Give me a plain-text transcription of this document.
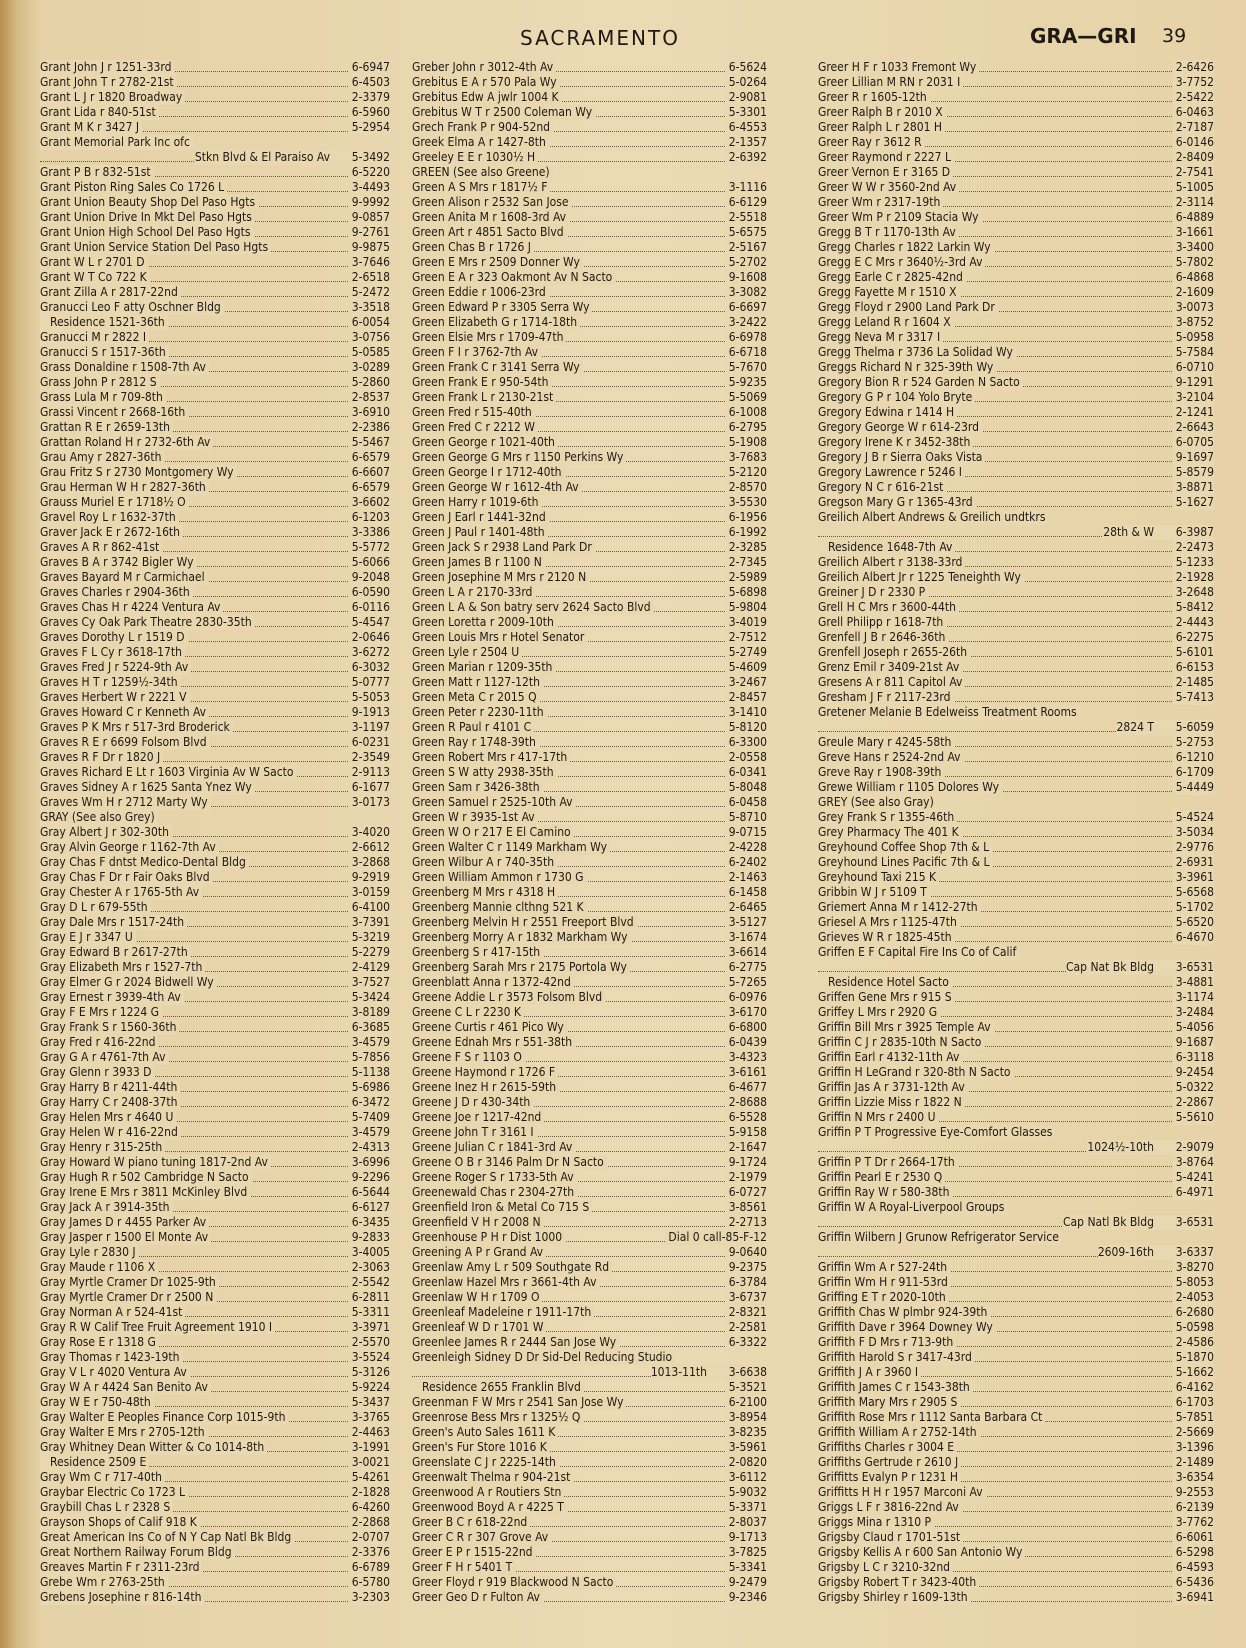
SACRAMENTO	GRA—GRI 39
Grant John J r 1251-33rd	6-6947
Grant John T r 2782-21st	6-4503
Grant L J r 1820 Broadway	2-3379
Grant Lida r 840-51st	6-5960
Grant M K r 3427 J	5-2954
Grant Memorial Park Inc ofc
Stkn Blvd & El Paraiso Av 5-3492
Grant P B r 832-51st	6-5220
Grant Piston Ring Sales Co 1726 L	3-4493
Grant Union Beauty Shop Del Paso Hgts	9-9992
Grant Union Drive In Mkt Del Paso Hgts	9-0857
Grant Union High School Del Paso Hgts	9-2761
Grant Union Service Station Del Paso Hgts	9-9875
Grant W L r 2701 D	3-7646
Grant W T Co 722 K	2-6518
Grant Zilla A r 2817-22nd	5-2472
Granucci Leo F atty Oschner Bldg	3-3518
Residence 1521-36th	6-0054
Granucci M r 2822 I	3-0756
Granucci S r 1517-36th	5-0585
Grass Donaldine r 1508-7th Av	3-0289
Grass John P r 2812 S	5-2860
Grass Lula M r 709-8th	2-8537
Grassi Vincent r 2668-16th	3-6910
Grattan R E r 2659-13th	2-2386
Grattan Roland H r 2732-6th Av	5-5467
Grau Amy r 2827-36th	6-6579
Grau Fritz S r 2730 Montgomery Wy	6-6607
Grau Herman W H r 2827-36th	6-6579
Grauss Muriel E r 1718½ O	3-6602
Gravel Roy L r 1632-37th	6-1203
Graver Jack E r 2672-16th	3-3386
Graves A R r 862-41st	5-5772
Graves B A r 3742 Bigler Wy	5-6066
Graves Bayard M r Carmichael	9-2048
Graves Charles r 2904-36th	6-0590
Graves Chas H r 4224 Ventura Av	6-0116
Graves Cy Oak Park Theatre 2830-35th	5-4547
Graves Dorothy L r 1519 D	2-0646
Graves F L Cy r 3618-17th	3-6272
Graves Fred J r 5224-9th Av	6-3032
Graves H T r 1259½-34th	5-0777
Graves Herbert W r 2221 V	5-5053
Graves Howard C r Kenneth Av	9-1913
Graves P K Mrs r 517-3rd Broderick	3-1197
Graves R E r 6699 Folsom Blvd	6-0231
Graves R F Dr r 1820 J	2-3549
Graves Richard E Lt r 1603 Virginia Av W Sacto	2-9113
Graves Sidney A r 1625 Santa Ynez Wy	6-1677
Graves Wm H r 2712 Marty Wy	3-0173
GRAY (See also Grey)
Gray Albert J r 302-30th	3-4020
Gray Alvin George r 1162-7th Av	2-6612
Gray Chas F dntst Medico-Dental Bldg	3-2868
Gray Chas F Dr r Fair Oaks Blvd	9-2919
Gray Chester A r 1765-5th Av	3-0159
Gray D L r 679-55th	6-4100
Gray Dale Mrs r 1517-24th	3-7391
Gray E J r 3347 U	5-3219
Gray Edward B r 2617-27th	5-2279
Gray Elizabeth Mrs r 1527-7th	2-4129
Gray Elmer G r 2024 Bidwell Wy	3-7527
Gray Ernest r 3939-4th Av	5-3424
Gray F E Mrs r 1224 G	3-8189
Gray Frank S r 1560-36th	6-3685
Gray Fred r 416-22nd	3-4579
Gray G A r 4761-7th Av	5-7856
Gray Glenn r 3933 D	5-1138
Gray Harry B r 4211-44th	5-6986
Gray Harry C r 2408-37th	6-3472
Gray Helen Mrs r 4640 U	5-7409
Gray Helen W r 416-22nd	3-4579
Gray Henry r 315-25th	2-4313
Gray Howard W piano tuning 1817-2nd Av	3-6996
Gray Hugh R r 502 Cambridge N Sacto	9-2296
Gray Irene E Mrs r 3811 McKinley Blvd	6-5644
Gray Jack A r 3914-35th	6-6127
Gray James D r 4455 Parker Av	6-3435
Gray Jasper r 1500 El Monte Av	9-2833
Gray Lyle r 2830 J	3-4005
Gray Maude r 1106 X	2-3063
Gray Myrtle Cramer Dr 1025-9th	2-5542
Gray Myrtle Cramer Dr r 2500 N	6-2811
Gray Norman A r 524-41st	5-3311
Gray R W Calif Tree Fruit Agreement 1910 I	3-3971
Gray Rose E r 1318 G	2-5570
Gray Thomas r 1423-19th	3-5524
Gray V L r 4020 Ventura Av	5-3126
Gray W A r 4424 San Benito Av	5-9224
Gray W E r 750-48th	5-3437
Gray Walter E Peoples Finance Corp 1015-9th	3-3765
Gray Walter E Mrs r 2705-12th	2-4463
Gray Whitney Dean Witter & Co 1014-8th	3-1991
Residence 2509 E	3-0021
Gray Wm C r 717-40th	5-4261
Graybar Electric Co 1723 L	2-1828
Graybill Chas L r 2328 S	6-4260
Grayson Shops of Calif 918 K	2-2868
Great American Ins Co of N Y Cap Natl Bk Bldg	2-0707
Great Northern Railway Forum Bldg	2-3376
Greaves Martin F r 2311-23rd	6-6789
Grebe Wm r 2763-25th	6-5780
Grebens Josephine r 816-14th	3-2303
Greber John r 3012-4th Av	6-5624
Grebitus E A r 570 Pala Wy	5-0264
Grebitus Edw A jwlr 1004 K	2-9081
Grebitus W T r 2500 Coleman Wy	5-3301
Grech Frank P r 904-52nd	6-4553
Greek Elma A r 1427-8th	2-1357
Greeley E E r 1030½ H	2-6392
GREEN (See also Greene)
Green A S Mrs r 1817½ F	3-1116
Green Alison r 2532 San Jose	6-6129
Green Anita M r 1608-3rd Av	2-5518
Green Art r 4851 Sacto Blvd	5-6575
Green Chas B r 1726 J	2-5167
Green E Mrs r 2509 Donner Wy	5-2702
Green E A r 323 Oakmont Av N Sacto	9-1608
Green Eddie r 1006-23rd	3-3082
Green Edward P r 3305 Serra Wy	6-6697
Green Elizabeth G r 1714-18th	3-2422
Green Elsie Mrs r 1709-47th	6-6978
Green F I r 3762-7th Av	6-6718
Green Frank C r 3141 Serra Wy	5-7670
Green Frank E r 950-54th	5-9235
Green Frank L r 2130-21st	5-5069
Green Fred r 515-40th	6-1008
Green Fred C r 2212 W	6-2795
Green George r 1021-40th	5-1908
Green George G Mrs r 1150 Perkins Wy	3-7683
Green George I r 1712-40th	5-2120
Green George W r 1612-4th Av	2-8570
Green Harry r 1019-6th	3-5530
Green J Earl r 1441-32nd	6-1956
Green J Paul r 1401-48th	6-1992
Green Jack S r 2938 Land Park Dr	2-3285
Green James B r 1100 N	2-7345
Green Josephine M Mrs r 2120 N	2-5989
Green L A r 2170-33rd	5-6898
Green L A & Son batry serv 2624 Sacto Blvd	5-9804
Green Loretta r 2009-10th	3-4019
Green Louis Mrs r Hotel Senator	2-7512
Green Lyle r 2504 U	5-2749
Green Marian r 1209-35th	5-4609
Green Matt r 1127-12th	3-2467
Green Meta C r 2015 Q	2-8457
Green Peter r 2230-11th	3-1410
Green R Paul r 4101 C	5-8120
Green Ray r 1748-39th	6-3300
Green Robert Mrs r 417-17th	2-0558
Green S W atty 2938-35th	6-0341
Green Sam r 3426-38th	5-8048
Green Samuel r 2525-10th Av	6-0458
Green W r 3935-1st Av	5-8710
Green W O r 217 E El Camino	9-0715
Green Walter C r 1149 Markham Wy	2-4228
Green Wilbur A r 740-35th	6-2402
Green William Ammon r 1730 G	2-1463
Greenberg M Mrs r 4318 H	6-1458
Greenberg Mannie clthng 521 K	2-6465
Greenberg Melvin H r 2551 Freeport Blvd	3-5127
Greenberg Morry A r 1832 Markham Wy	3-1674
Greenberg S r 417-15th	3-6614
Greenberg Sarah Mrs r 2175 Portola Wy	6-2775
Greenblatt Anna r 1372-42nd	5-7265
Greene Addie L r 3573 Folsom Blvd	6-0976
Greene C L r 2230 K	3-6170
Greene Curtis r 461 Pico Wy	6-6800
Greene Ednah Mrs r 551-38th	6-0439
Greene F S r 1103 O	3-4323
Greene Haymond r 1726 F	3-6161
Greene Inez H r 2615-59th	6-4677
Greene J D r 430-34th	2-8688
Greene Joe r 1217-42nd	6-5528
Greene John T r 3161 I	5-9158
Greene Julian C r 1841-3rd Av	2-1647
Greene O B r 3146 Palm Dr N Sacto	9-1724
Greene Roger S r 1733-5th Av	2-1979
Greenewald Chas r 2304-27th	6-0727
Greenfield Iron & Metal Co 715 S	3-8561
Greenfield V H r 2008 N	2-2713
Greenhouse P H r Dist 1000	Dial 0 call-85-F-12
Greening A P r Grand Av	9-0640
Greenlaw Amy L r 509 Southgate Rd	9-2375
Greenlaw Hazel Mrs r 3661-4th Av	6-3784
Greenlaw W H r 1709 O	3-6737
Greenleaf Madeleine r 1911-17th	2-8321
Greenleaf W D r 1701 W	2-2581
Greenlee James R r 2444 San Jose Wy	6-3322
Greenleigh Sidney D Dr Sid-Del Reducing Studio
1013-11th 3-6638
Residence 2655 Franklin Blvd	5-3521
Greenman F W Mrs r 2541 San Jose Wy	6-2100
Greenrose Bess Mrs r 1325½ Q	3-8954
Green's Auto Sales 1611 K	3-8235
Green's Fur Store 1016 K	3-5961
Greenslate C J r 2225-14th	2-0820
Greenwalt Thelma r 904-21st	3-6112
Greenwood A r Routiers Stn	5-9032
Greenwood Boyd A r 4225 T	5-3371
Greer B C r 618-22nd	2-8037
Greer C R r 307 Grove Av	9-1713
Greer E P r 1515-22nd	3-7825
Greer F H r 5401 T	5-3341
Greer Floyd r 919 Blackwood N Sacto	9-2479
Greer Geo D r Fulton Av	9-2346
Greer H F r 1033 Fremont Wy	2-6426
Greer Lillian M RN r 2031 I	3-7752
Greer R r 1605-12th	2-5422
Greer Ralph B r 2010 X	6-0463
Greer Ralph L r 2801 H	2-7187
Greer Ray r 3612 R	6-0146
Greer Raymond r 2227 L	2-8409
Greer Vernon E r 3165 D	2-7541
Greer W W r 3560-2nd Av	5-1005
Greer Wm r 2317-19th	2-3114
Greer Wm P r 2109 Stacia Wy	6-4889
Gregg B T r 1170-13th Av	3-1661
Gregg Charles r 1822 Larkin Wy	3-3400
Gregg E C Mrs r 3640½-3rd Av	5-7802
Gregg Earle C r 2825-42nd	6-4868
Gregg Fayette M r 1510 X	2-1609
Gregg Floyd r 2900 Land Park Dr	3-0073
Gregg Leland R r 1604 X	3-8752
Gregg Neva M r 3317 I	5-0958
Gregg Thelma r 3736 La Solidad Wy	5-7584
Greggs Richard N r 325-39th Wy	6-0710
Gregory Bion R r 524 Garden N Sacto	9-1291
Gregory G P r 104 Yolo Bryte	3-2104
Gregory Edwina r 1414 H	2-1241
Gregory George W r 614-23rd	2-6643
Gregory Irene K r 3452-38th	6-0705
Gregory J B r Sierra Oaks Vista	9-1697
Gregory Lawrence r 5246 I	5-8579
Gregory N C r 616-21st	3-8871
Gregson Mary G r 1365-43rd	5-1627
Greilich Albert Andrews & Greilich undtkrs
28th & W 6-3987
Residence 1648-7th Av	2-2473
Greilich Albert r 3138-33rd	5-1233
Greilich Albert Jr r 1225 Teneighth Wy	2-1928
Greiner J D r 2330 P	3-2648
Grell H C Mrs r 3600-44th	5-8412
Grell Philipp r 1618-7th	2-4443
Grenfell J B r 2646-36th	6-2275
Grenfell Joseph r 2655-26th	5-6101
Grenz Emil r 3409-21st Av	6-6153
Gresens A r 811 Capitol Av	2-1485
Gresham J F r 2117-23rd	5-7413
Gretener Melanie B Edelweiss Treatment Rooms
2824 T 5-6059
Greule Mary r 4245-58th	5-2753
Greve Hans r 2524-2nd Av	6-1210
Greve Ray r 1908-39th	6-1709
Grewe William r 1105 Dolores Wy	5-4449
GREY (See also Gray)
Grey Frank S r 1355-46th	5-4524
Grey Pharmacy The 401 K	3-5034
Greyhound Coffee Shop 7th & L	2-9776
Greyhound Lines Pacific 7th & L	2-6931
Greyhound Taxi 215 K	3-3961
Gribbin W J r 5109 T	5-6568
Griemert Anna M r 1412-27th	5-1702
Griesel A Mrs r 1125-47th	5-6520
Grieves W R r 1825-45th	6-4670
Griffen E F Capital Fire Ins Co of Calif
Cap Nat Bk Bldg 3-6531
Residence Hotel Sacto	3-4881
Griffen Gene Mrs r 915 S	3-1174
Griffey L Mrs r 2920 G	3-2484
Griffin Bill Mrs r 3925 Temple Av	5-4056
Griffin C J r 2835-10th N Sacto	9-1687
Griffin Earl r 4132-11th Av	6-3118
Griffin H LeGrand r 320-8th N Sacto	9-2454
Griffin Jas A r 3731-12th Av	5-0322
Griffin Lizzie Miss r 1822 N	2-2867
Griffin N Mrs r 2400 U	5-5610
Griffin P T Progressive Eye-Comfort Glasses
1024½-10th 2-9079
Griffin P T Dr r 2664-17th	3-8764
Griffin Pearl E r 2530 Q	5-4241
Griffin Ray W r 580-38th	6-4971
Griffin W A Royal-Liverpool Groups
Cap Natl Bk Bldg 3-6531
Griffin Wilbern J Grunow Refrigerator Service
2609-16th 3-6337
Griffin Wm A r 527-24th	3-8270
Griffin Wm H r 911-53rd	5-8053
Griffing E T r 2020-10th	2-4053
Griffith Chas W plmbr 924-39th	6-2680
Griffith Dave r 3964 Downey Wy	5-0598
Griffith F D Mrs r 713-9th	2-4586
Griffith Harold S r 3417-43rd	5-1870
Griffith J A r 3960 I	5-1662
Griffith James C r 1543-38th	6-4162
Griffith Mary Mrs r 2905 S	6-1703
Griffith Rose Mrs r 1112 Santa Barbara Ct	5-7851
Griffith William A r 2752-14th	2-5669
Griffiths Charles r 3004 E	3-1396
Griffiths Gertrude r 2610 J	2-1489
Griffitts Evalyn P r 1231 H	3-6354
Griffitts H H r 1957 Marconi Av	9-2553
Griggs L F r 3816-22nd Av	6-2139
Griggs Mina r 1310 P	3-7762
Grigsby Claud r 1701-51st	6-6061
Grigsby Kellis A r 600 San Antonio Wy	6-5298
Grigsby L C r 3210-32nd	6-4593
Grigsby Robert T r 3423-40th	6-5436
Grigsby Shirley r 1609-13th	3-6941
